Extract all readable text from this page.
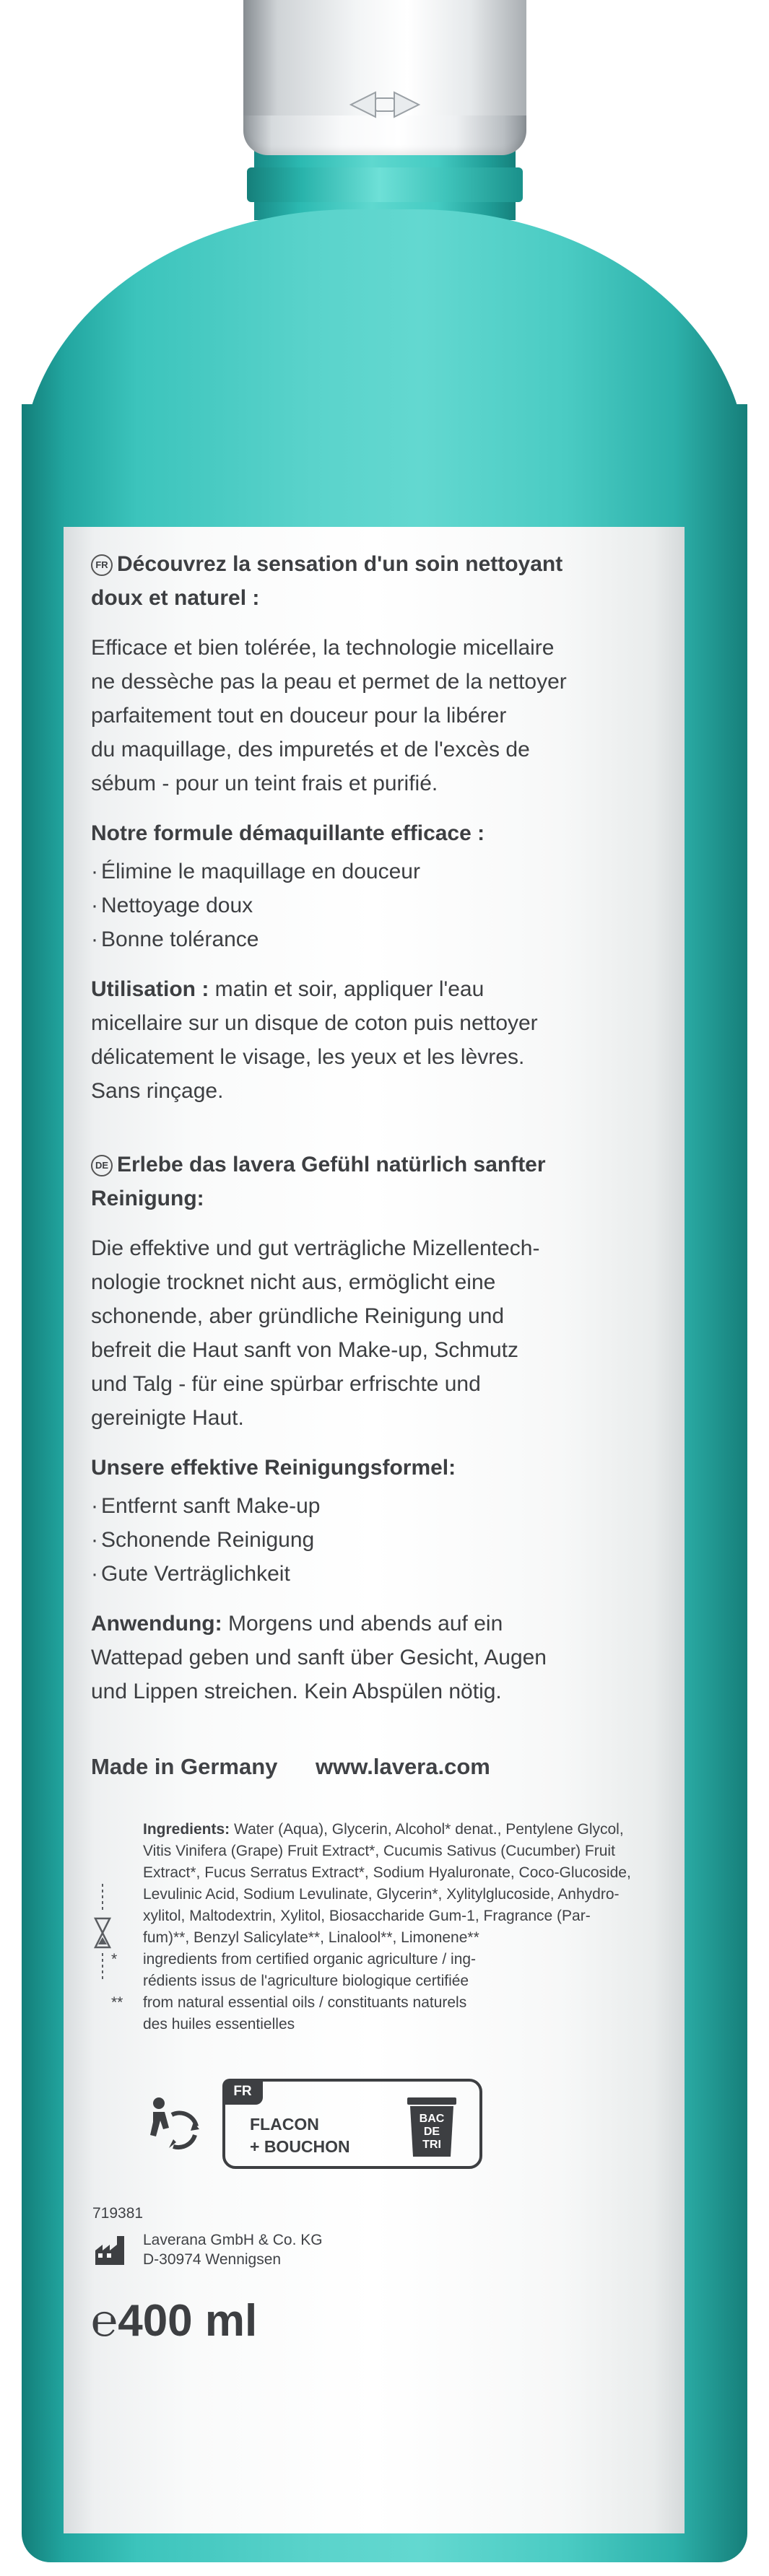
FR Découvrez la sensation d'un soin nettoyant

doux et naturel :

Efficace et bien tolérée, la technologie micellaire

ne dessèche pas la peau et permet de la nettoyer

parfaitement tout en douceur pour la libérer

du maquillage, des impuretés et de l'excès de

sébum - pour un teint frais et purifié.

Notre formule démaquillante efficace :

· Élimine le maquillage en douceur

· Nettoyage doux

· Bonne tolérance

Utilisation : matin et soir, appliquer l'eau

micellaire sur un disque de coton puis nettoyer

délicatement le visage, les yeux et les lèvres.

Sans rinçage.

DE Erlebe das lavera Gefühl natürlich sanfter

Reinigung:

Die effektive und gut verträgliche Mizellentech-

nologie trocknet nicht aus, ermöglicht eine

schonende, aber gründliche Reinigung und

befreit die Haut sanft von Make-up, Schmutz

und Talg - für eine spürbar erfrischte und

gereinigte Haut.

Unsere effektive Reinigungsformel:

· Entfernt sanft Make-up

· Schonende Reinigung

· Gute Verträglichkeit

Anwendung: Morgens und abends auf ein

Wattepad geben und sanft über Gesicht, Augen

und Lippen streichen. Kein Abspülen nötig.

Made in Germany www.lavera.com

Ingredients: Water (Aqua), Glycerin, Alcohol* denat., Pentylene Glycol,

Vitis Vinifera (Grape) Fruit Extract*, Cucumis Sativus (Cucumber) Fruit

Extract*, Fucus Serratus Extract*, Sodium Hyaluronate, Coco-Glucoside,

Levulinic Acid, Sodium Levulinate, Glycerin*, Xylitylglucoside, Anhydro-

xylitol, Maltodextrin, Xylitol, Biosaccharide Gum-1, Fragrance (Par-

fum)**, Benzyl Salicylate**, Linalool**, Limonene**

*	ingredients from certified organic agriculture / ing-

rédients issus de l'agriculture biologique certifiée

**	from natural essential oils / constituants naturels

des huiles essentielles

FR
FLACON
+ BOUCHON
BAC
DE
TRI
719381
Laverana GmbH & Co. KG
D-30974 Wennigsen
℮400 ml
